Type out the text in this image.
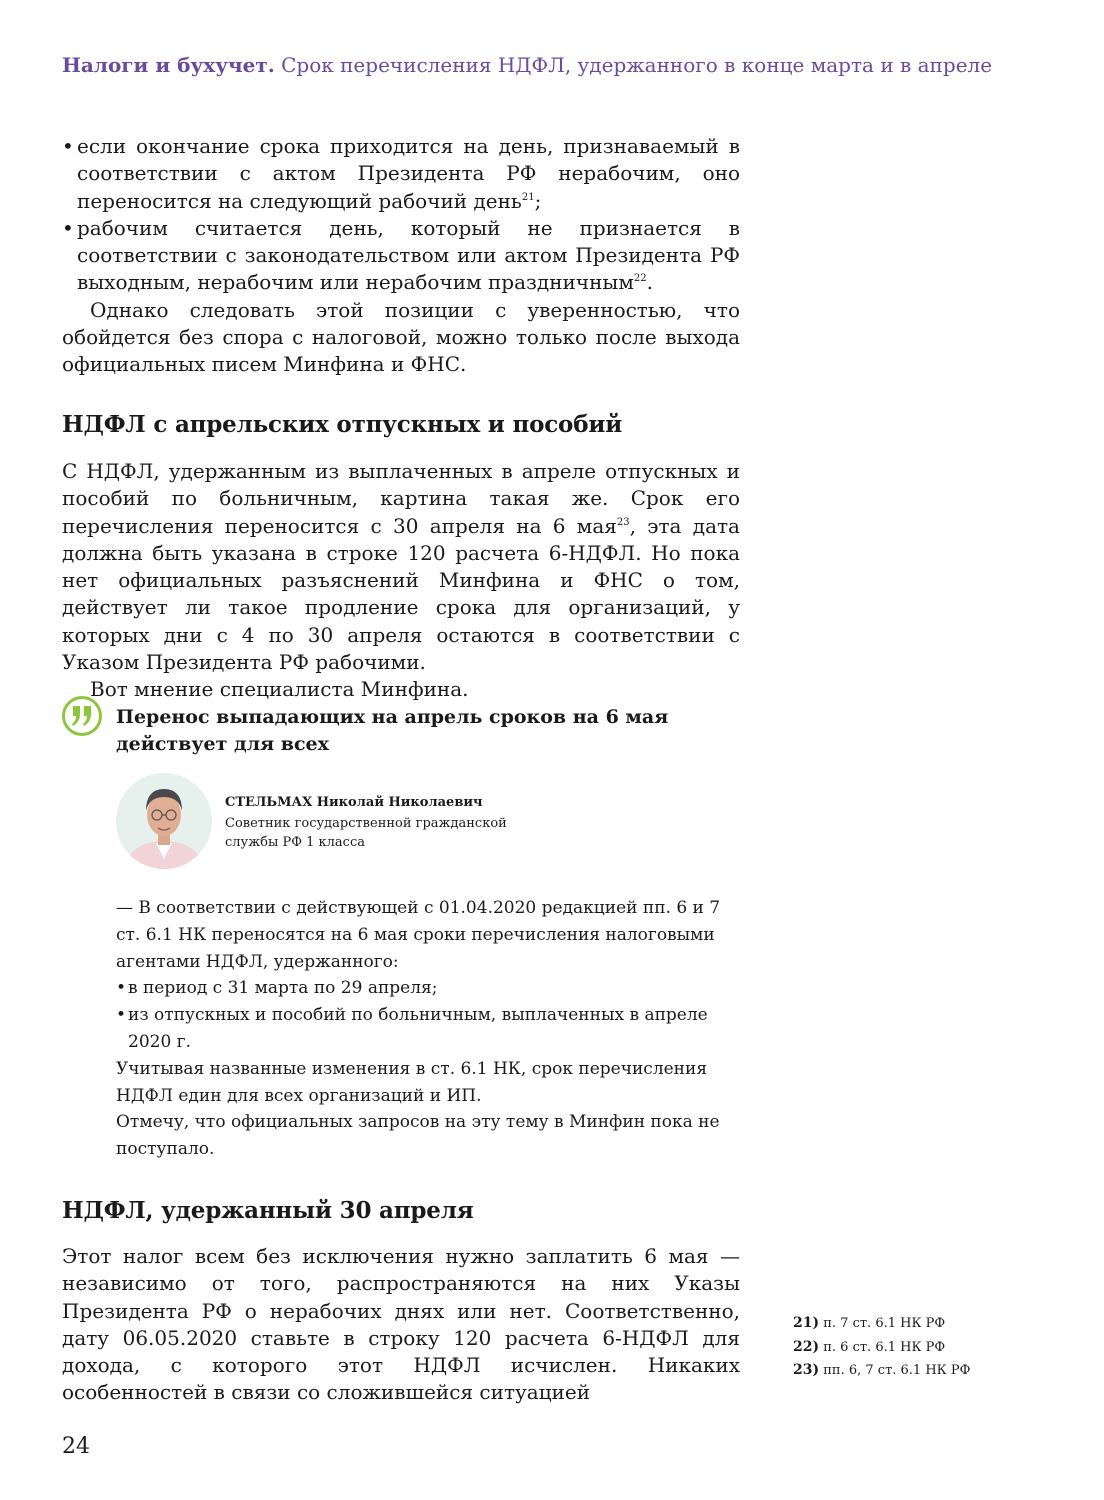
Налоги и бухучет. Срок перечисления НДФЛ, удержанного в конце марта и в апреле
• если окончание срока приходится на день, признаваемый в соответствии с актом Президента РФ нерабочим, оно переносится на следующий рабочий день$^{21}$;
• рабочим считается день, который не признается в соответствии с законодательством или актом Президента РФ выходным, нерабочим или нерабочим праздничным$^{22}$.

Однако следовать этой позиции с уверенностью, что обойдется без спора с налоговой, можно только после выхода официальных писем Минфина и ФНС.

НДФЛ с апрельских отпускных и пособий

С НДФЛ, удержанным из выплаченных в апреле отпускных и пособий по больничным, картина такая же. Срок его перечисления переносится с 30 апреля на 6 мая$^{23}$, эта дата должна быть указана в строке 120 расчета 6-НДФЛ. Но пока нет официальных разъяснений Минфина и ФНС о том, действует ли такое продление срока для организаций, у которых дни с 4 по 30 апреля остаются в соответствии с Указом Президента РФ рабочими.

Вот мнение специалиста Минфина.

Перенос выпадающих на апрель сроков на 6 мая действует для всех
СТЕЛЬМАХ Николай Николаевич
Советник государственной гражданской службы РФ 1 класса

— В соответствии с действующей с 01.04.2020 редакцией пп. 6 и 7 ст. 6.1 НК переносятся на 6 мая сроки перечисления налоговыми агентами НДФЛ, удержанного:

• в период с 31 марта по 29 апреля;

• из отпускных и пособий по больничным, выплаченных в апреле 2020 г.

Учитывая названные изменения в ст. 6.1 НК, срок перечисления НДФЛ един для всех организаций и ИП.

Отмечу, что официальных запросов на эту тему в Минфин пока не поступало.
НДФЛ, удержанный 30 апреля

Этот налог всем без исключения нужно заплатить 6 мая — независимо от того, распространяются на них Указы Президента РФ о нерабочих днях или нет. Соответственно, дату 06.05.2020 ставьте в строку 120 расчета 6-НДФЛ для дохода, с которого этот НДФЛ исчислен. Никаких особенностей в связи со сложившейся ситуацией

21) п. 7 ст. 6.1 НК РФ
22) п. 6 ст. 6.1 НК РФ
23) пп. 6, 7 ст. 6.1 НК РФ
24
